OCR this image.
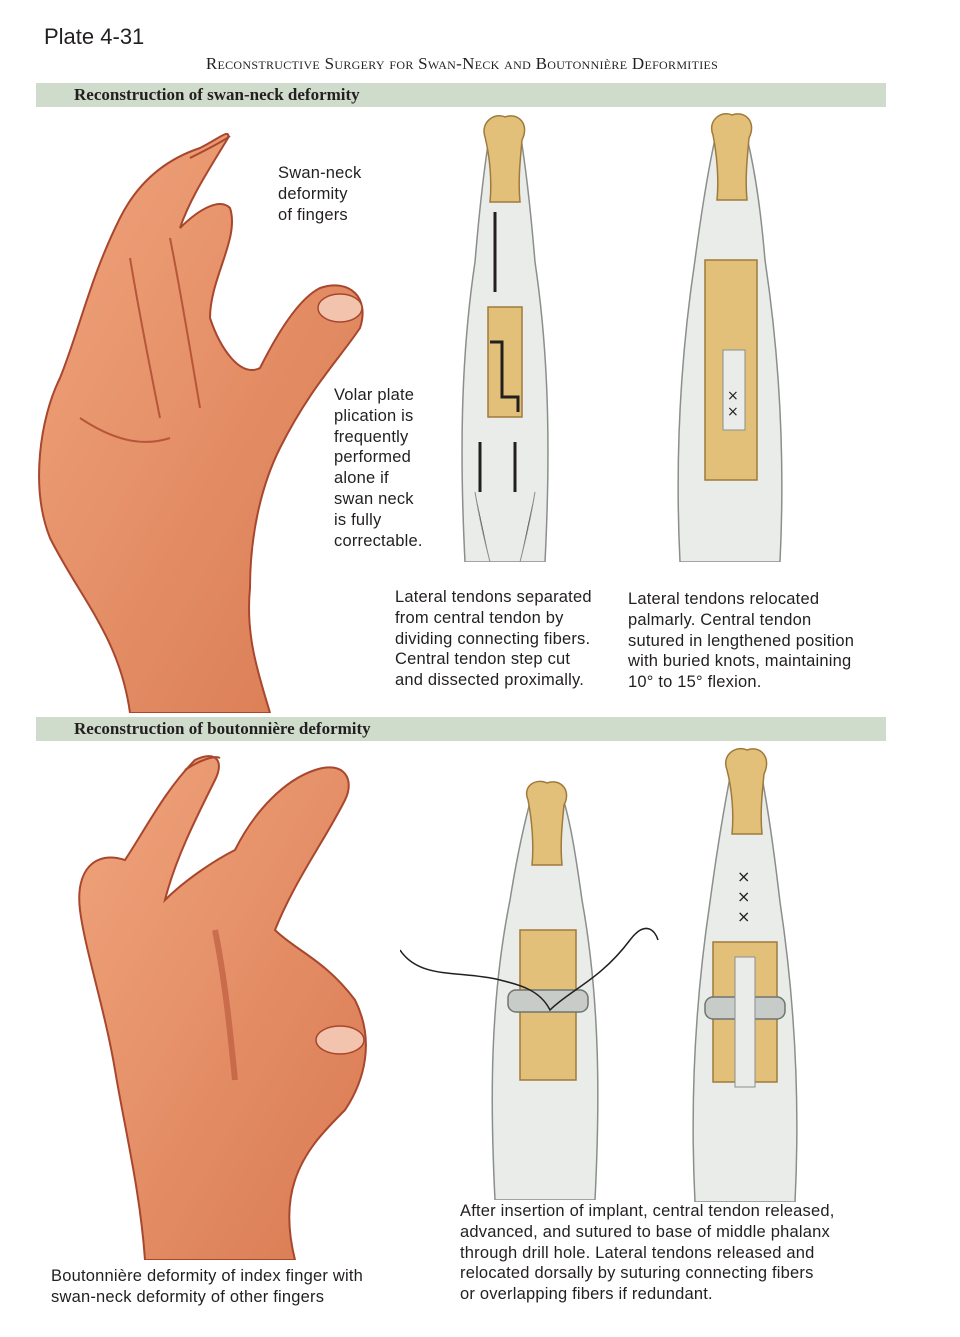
Plate 4-31
Reconstructive Surgery for Swan-Neck and Boutonnière Deformities
Reconstruction of swan-neck deformity
Swan-neck
deformity
of fingers
Volar plate
plication is
frequently
performed
alone if
swan neck
is fully
correctable.
×
×
Lateral tendons separated
from central tendon by
dividing connecting fibers.
Central tendon step cut
and dissected proximally.
Lateral tendons relocated
palmarly. Central tendon
sutured in lengthened position
with buried knots, maintaining
10° to 15° flexion.
Reconstruction of boutonnière deformity
×
×
×
Boutonnière deformity of index finger with
swan-neck deformity of other fingers
After insertion of implant, central tendon released,
advanced, and sutured to base of middle phalanx
through drill hole. Lateral tendons released and
relocated dorsally by suturing connecting fibers
or overlapping fibers if redundant.
